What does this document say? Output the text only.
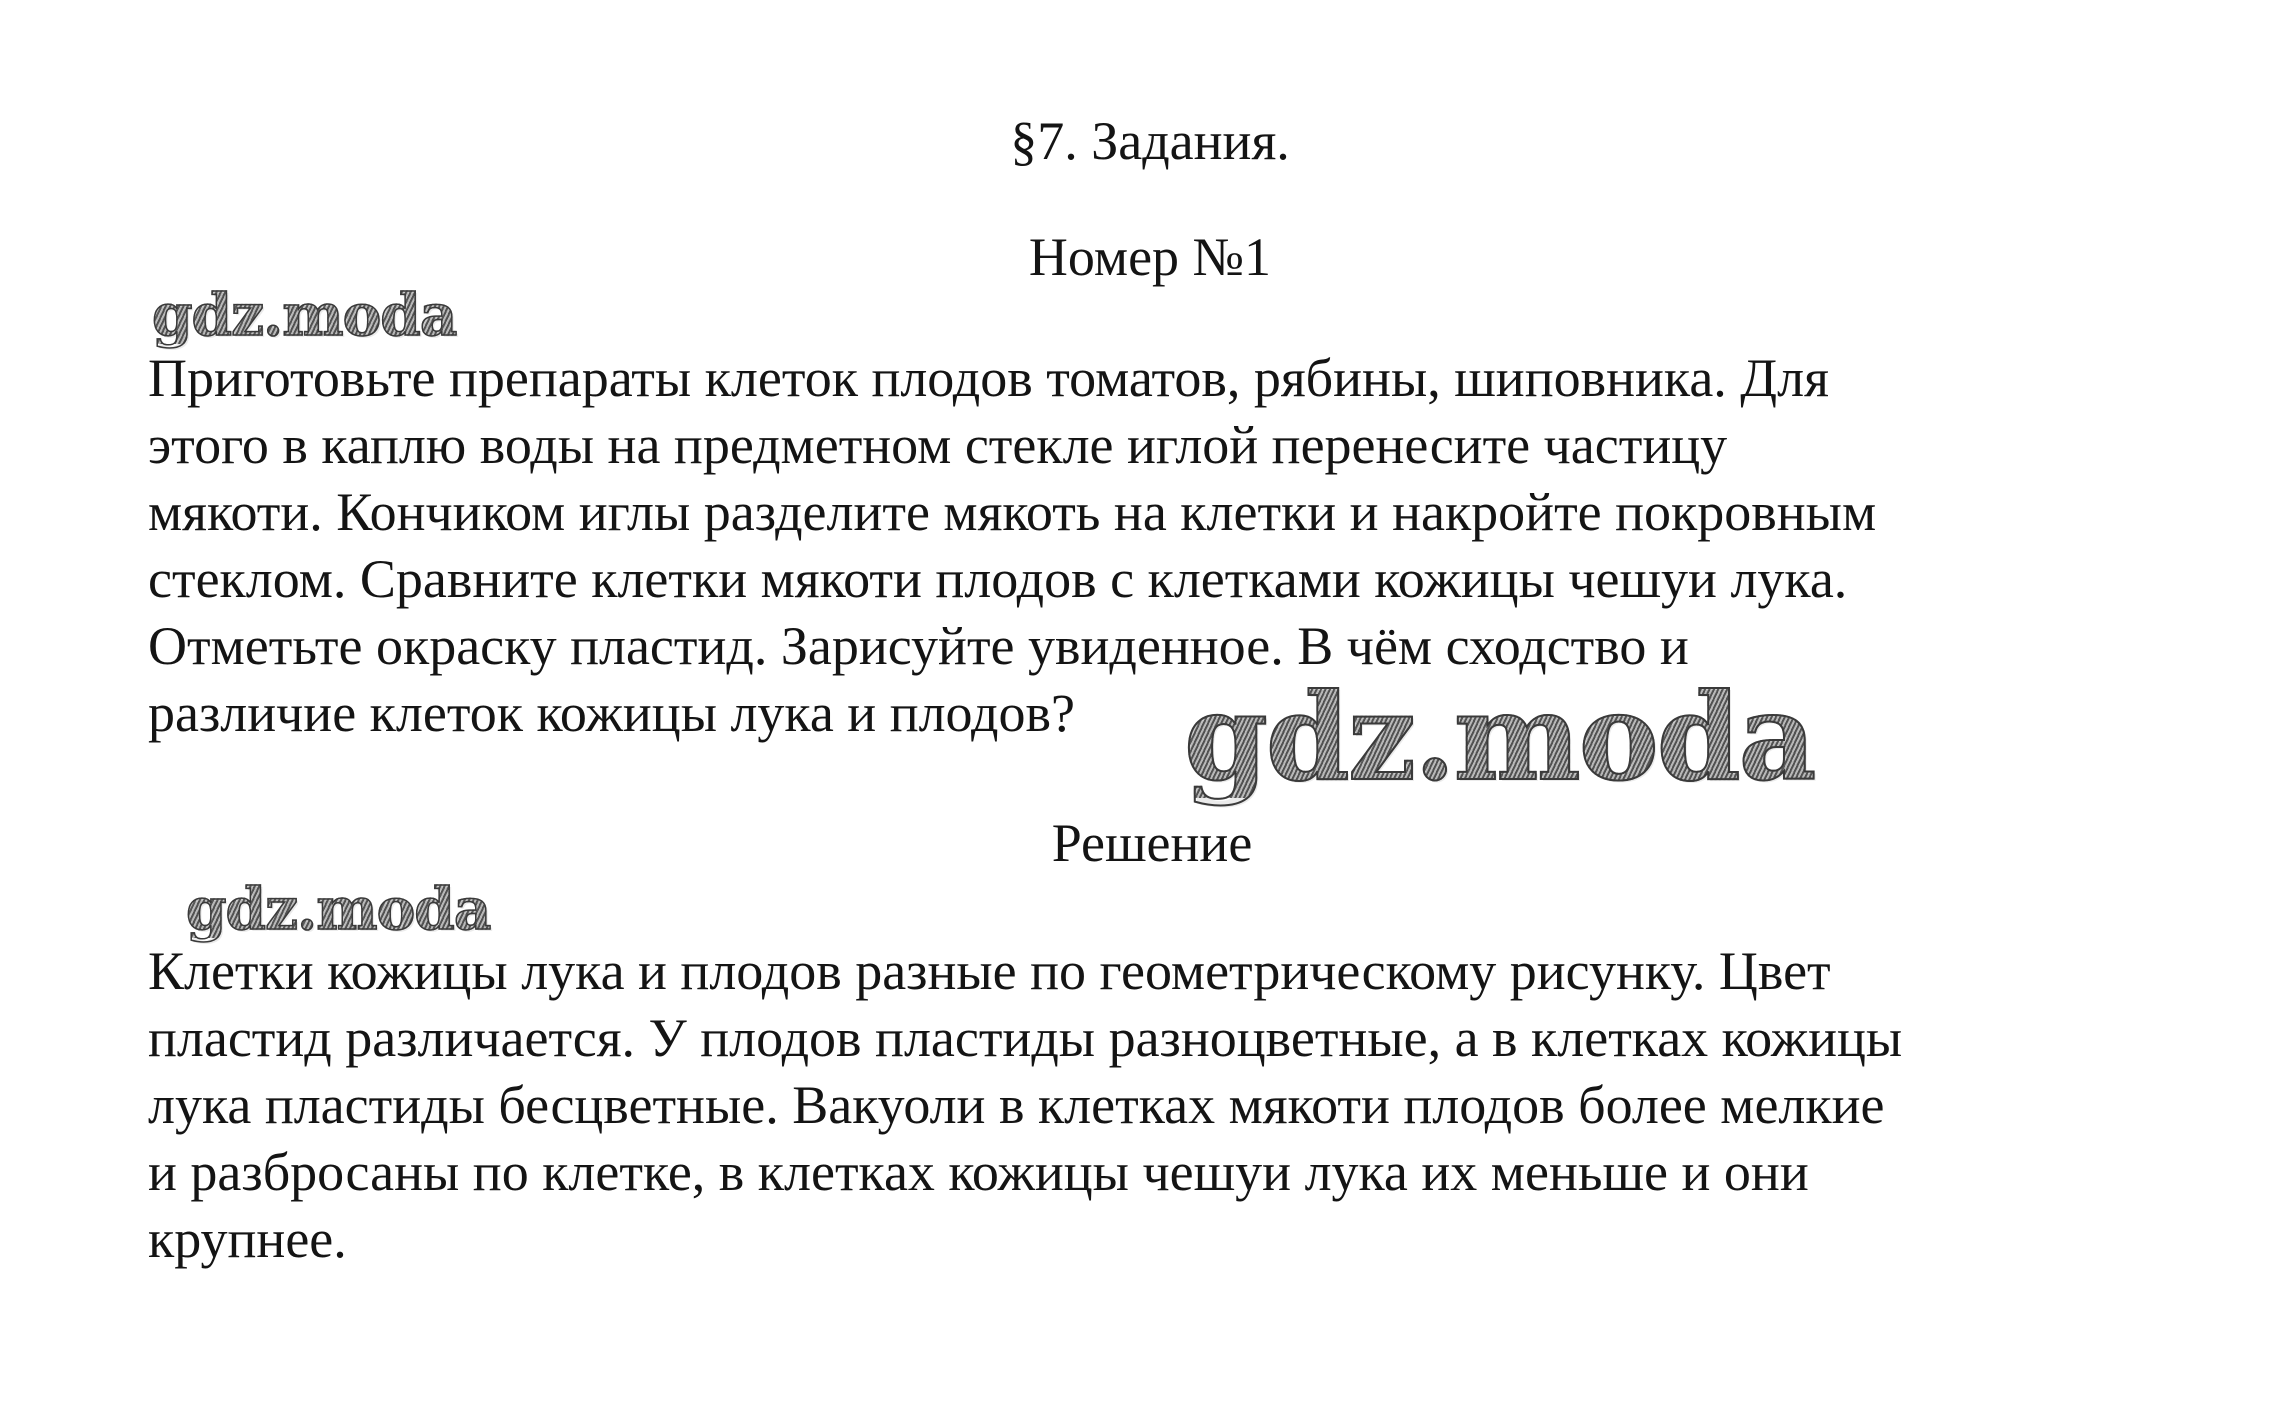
§7. Задания.
Номер №1
gdz.moda

Приготовьте препараты клеток плодов томатов, рябины, шиповника. Для
этого в каплю воды на предметном стекле иглой перенесите частицу
мякоти. Кончиком иглы разделите мякоть на клетки и накройте покровным
стеклом. Сравните клетки мякоти плодов с клетками кожицы чешуи лука.
Отметьте окраску пластид. Зарисуйте увиденное. В чём сходство и
различие клеток кожицы лука и плодов? gdz.moda
Решение
gdz.moda

Клетки кожицы лука и плодов разные по геометрическому рисунку. Цвет
пластид различается. У плодов пластиды разноцветные, а в клетках кожицы
лука пластиды бесцветные. Вакуоли в клетках мякоти плодов более мелкие
и разбросаны по клетке, в клетках кожицы чешуи лука их меньше и они
крупнее.
